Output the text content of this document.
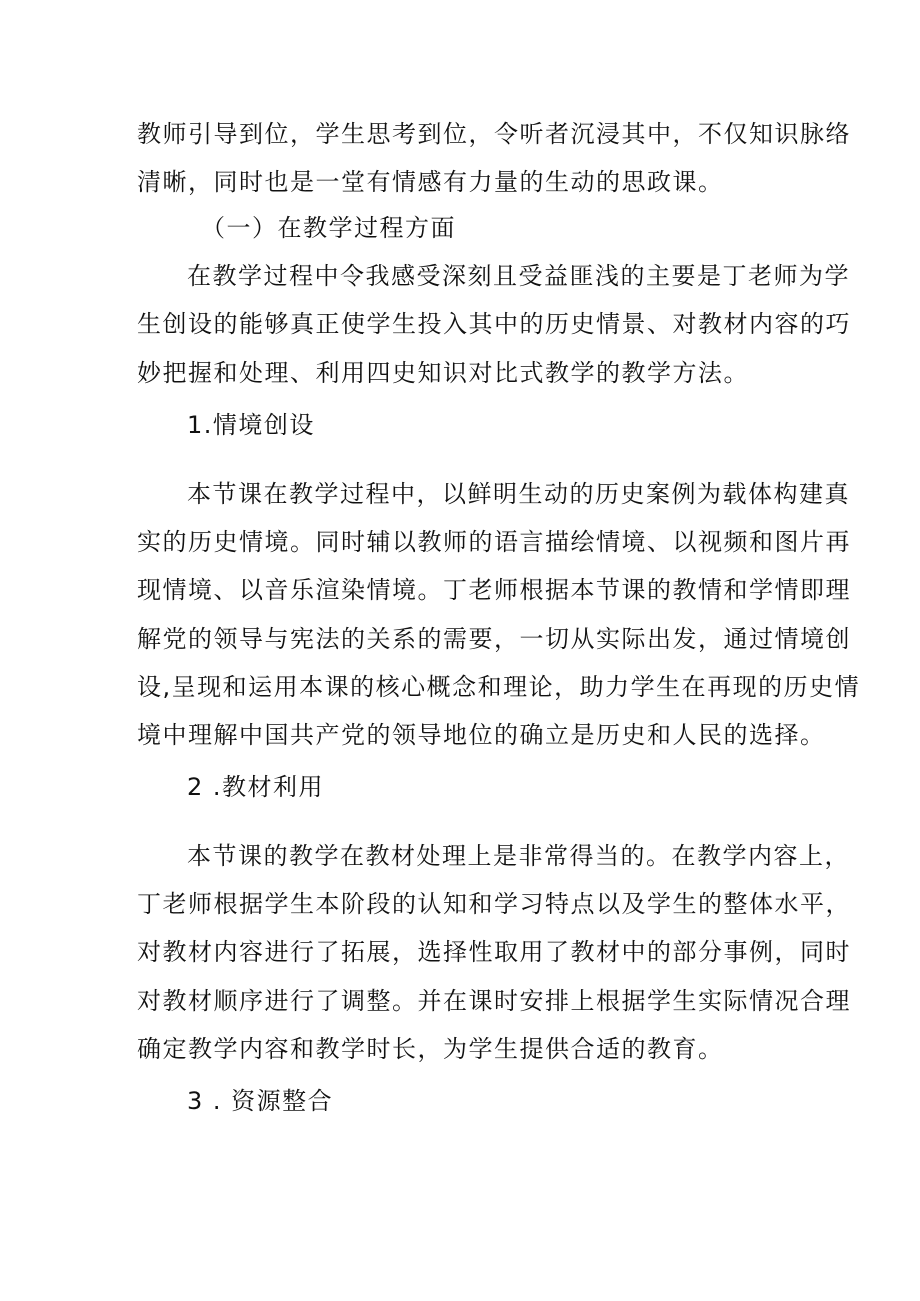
教师引导到位，学生思考到位，令听者沉浸其中，不仅知识脉络
清晰，同时也是一堂有情感有力量的生动的思政课。
（一）在教学过程方面
在教学过程中令我感受深刻且受益匪浅的主要是丁老师为学
生创设的能够真正使学生投入其中的历史情景、对教材内容的巧
妙把握和处理、利用四史知识对比式教学的教学方法。
1.情境创设
本节课在教学过程中，以鲜明生动的历史案例为载体构建真
实的历史情境。同时辅以教师的语言描绘情境、以视频和图片再
现情境、以音乐渲染情境。丁老师根据本节课的教情和学情即理
解党的领导与宪法的关系的需要，一切从实际出发，通过情境创
设,呈现和运用本课的核心概念和理论，助力学生在再现的历史情
境中理解中国共产党的领导地位的确立是历史和人民的选择。
2 .教材利用
本节课的教学在教材处理上是非常得当的。在教学内容上，
丁老师根据学生本阶段的认知和学习特点以及学生的整体水平，
对教材内容进行了拓展，选择性取用了教材中的部分事例，同时
对教材顺序进行了调整。并在课时安排上根据学生实际情况合理
确定教学内容和教学时长，为学生提供合适的教育。
3 . 资源整合
